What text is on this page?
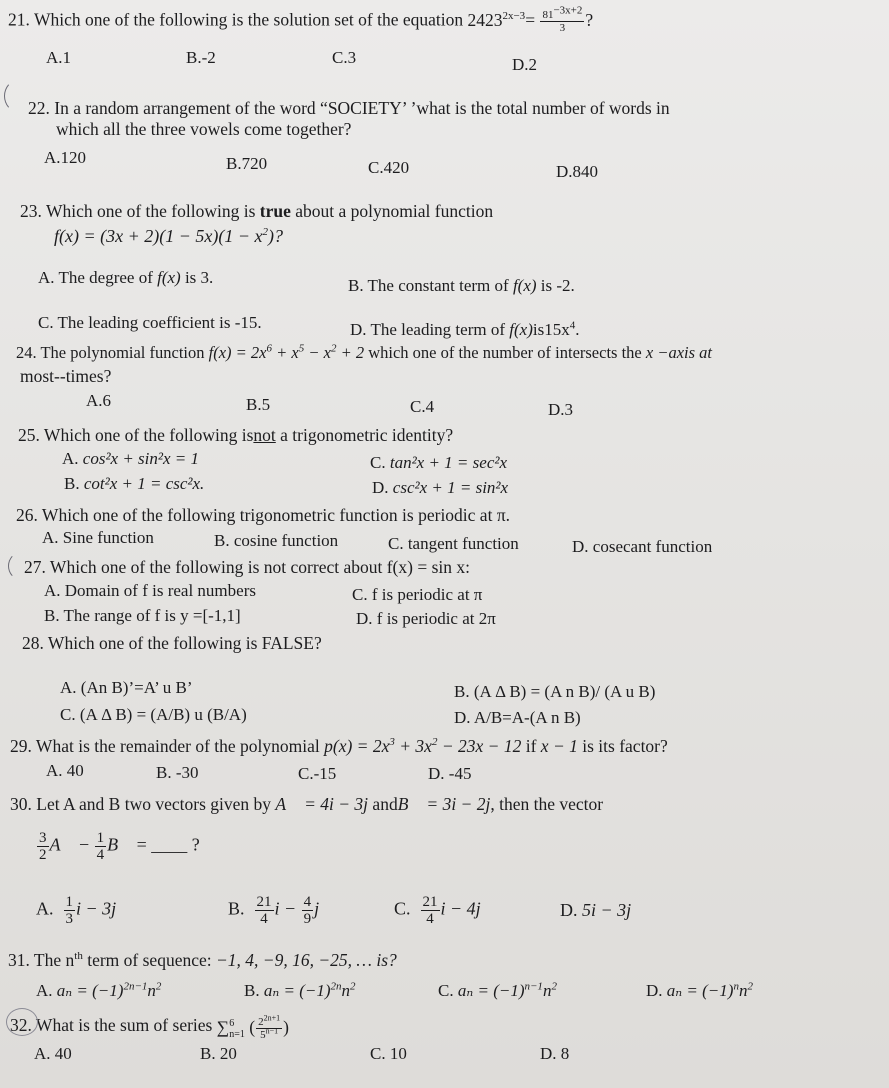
21. Which one of the following is the solution set of the equation $2423^{2x-3}= \frac{81^{-3x+2}}{3}$ ?
A.1	B.-2	C.3	D.2
22. In a random arrangement of the word “SOCIETY’ ’what is the total number of words in
which all the three vowels come together?
A.120	B.720	C.420	D.840
23. Which one of the following is true about a polynomial function
$f(x) = (3x + 2)(1 - 5x)(1 - x^2)$?
A. The degree of f(x) is 3.	B. The constant term of f(x) is -2.
C. The leading coefficient is -15.	D. The leading term of $f(x)is15x^4$.
24. The polynomial function $f(x) = 2x^6 + x^5 - x^2 + 2$ which one of the number of intersects the x −axis at
most--times?
A.6	B.5	C.4	D.3
25. Which one of the following isnot a trigonometric identity?
A. cos²x + sin²x = 1	C. tan²x + 1 = sec²x
B. cot²x + 1 = csc²x.	D. csc²x + 1 = sin²x
26. Which one of the following trigonometric function is periodic at π.
A. Sine function	B. cosine function	C. tangent function	D. cosecant function
27. Which one of the following is not correct about f(x) = sin x:
A. Domain of f is real numbers	C. f is periodic at π
B. The range of f is y =[-1,1]	D. f is periodic at 2π
28. Which one of the following is FALSE?
A. (An B)’=A’ u B’	B. (A Δ B) = (A n B)/ (A u B)
C. (A Δ B) = (A/B) u (B/A)	D. A/B=A-(A n B)
29. What is the remainder of the polynomial $p(x) = 2x^3 + 3x^2 - 23x - 12$ if x − 1 is its factor?
A. 40	B. -30	C.-15	D. -45
30. Let A and B two vectors given by A⃗ = 4i − 3j andB⃗ = 3i − 2j, then the vector
$\frac{3}{2}$ A⃗ − $\frac{1}{4}$ B⃗ = ____ ?
A. $\frac{1}{3}$ i − 3j	B. $\frac{21}{4}$ $i - \frac{4}{9}$ j	C. $\frac{21}{4}$ i − 4j	D. 5i − 3j
31. The $n^{th}$ term of sequence: −1, 4, −9, 16, −25, … is?
A. $a_n = (-1)^{2n-1}n^2$	B. $a_n = (-1)^{2n}n^2$	C. $a_n = (-1)^{n-1}n^2$	D. $a_n = (-1)^nn^2$
32. What is the sum of series ∑ 6
n=1 ( $\frac{2^{2n+1}}{5^{n-1}}$ )
A. 40	B. 20	C. 10	D. 8
